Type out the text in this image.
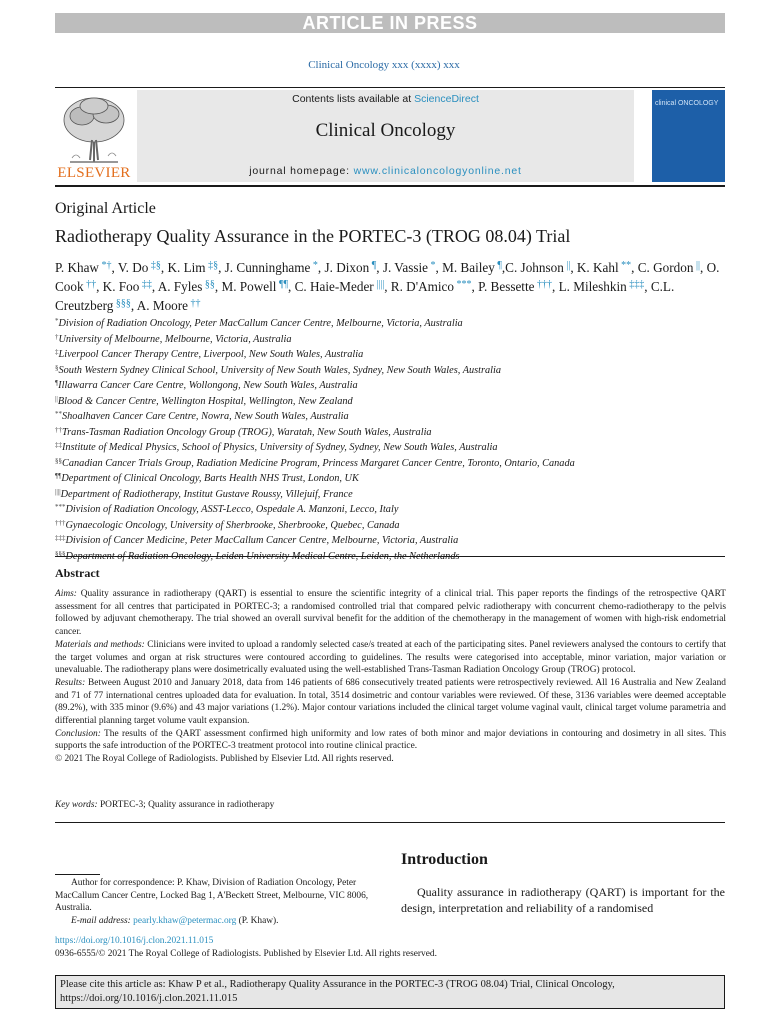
ARTICLE IN PRESS
Clinical Oncology xxx (xxxx) xxx
ELSEVIER
Contents lists available at ScienceDirect
Clinical Oncology
journal homepage: www.clinicaloncologyonline.net
clinical ONCOLOGY
Original Article
Radiotherapy Quality Assurance in the PORTEC-3 (TROG 08.04) Trial
P. Khaw *†, V. Do ‡§, K. Lim ‡§, J. Cunninghame *, J. Dixon ¶, J. Vassie *, M. Bailey ¶,C. Johnson ||, K. Kahl **, C. Gordon ||, O. Cook ††, K. Foo ‡‡, A. Fyles §§, M. Powell ¶¶, C. Haie-Meder ||||, R. D'Amico ***, P. Bessette †††, L. Mileshkin ‡‡‡, C.L. Creutzberg §§§, A. Moore ††
*Division of Radiation Oncology, Peter MacCallum Cancer Centre, Melbourne, Victoria, Australia
†University of Melbourne, Melbourne, Victoria, Australia
‡Liverpool Cancer Therapy Centre, Liverpool, New South Wales, Australia
§South Western Sydney Clinical School, University of New South Wales, Sydney, New South Wales, Australia
¶Illawarra Cancer Care Centre, Wollongong, New South Wales, Australia
||Blood & Cancer Centre, Wellington Hospital, Wellington, New Zealand
**Shoalhaven Cancer Care Centre, Nowra, New South Wales, Australia
††Trans-Tasman Radiation Oncology Group (TROG), Waratah, New South Wales, Australia
‡‡Institute of Medical Physics, School of Physics, University of Sydney, Sydney, New South Wales, Australia
§§Canadian Cancer Trials Group, Radiation Medicine Program, Princess Margaret Cancer Centre, Toronto, Ontario, Canada
¶¶Department of Clinical Oncology, Barts Health NHS Trust, London, UK
||||Department of Radiotherapy, Institut Gustave Roussy, Villejuif, France
***Division of Radiation Oncology, ASST-Lecco, Ospedale A. Manzoni, Lecco, Italy
†††Gynaecologic Oncology, University of Sherbrooke, Sherbrooke, Quebec, Canada
‡‡‡Division of Cancer Medicine, Peter MacCallum Cancer Centre, Melbourne, Victoria, Australia
§§§Department of Radiation Oncology, Leiden University Medical Centre, Leiden, the Netherlands
Abstract
Aims: Quality assurance in radiotherapy (QART) is essential to ensure the scientific integrity of a clinical trial. This paper reports the findings of the retrospective QART assessment for all centres that participated in PORTEC-3; a randomised controlled trial that compared pelvic radiotherapy with concurrent chemo-radiotherapy to the pelvis followed by adjuvant chemotherapy. The trial showed an overall survival benefit for the addition of the chemotherapy in the management of women with high-risk endometrial cancer.
Materials and methods: Clinicians were invited to upload a randomly selected case/s treated at each of the participating sites. Panel reviewers analysed the contours to certify that the target volumes and organ at risk structures were contoured according to guidelines. The results were categorised into acceptable, minor variation, major variation or unevaluable. The radiotherapy plans were dosimetrically evaluated using the well-established Trans-Tasman Radiation Oncology Group (TROG) protocol.
Results: Between August 2010 and January 2018, data from 146 patients of 686 consecutively treated patients were retrospectively reviewed. All 16 Australia and New Zealand and 71 of 77 international centres uploaded data for evaluation. In total, 3514 dosimetric and contour variables were reviewed. Of these, 3136 variables were deemed acceptable (89.2%), with 335 minor (9.6%) and 43 major variations (1.2%). Major contour variations included the clinical target volume vaginal vault, clinical target volume parametria and differential planning target volume vault expansion.
Conclusion: The results of the QART assessment confirmed high uniformity and low rates of both minor and major deviations in contouring and dosimetry in all sites. This supports the safe introduction of the PORTEC-3 treatment protocol into routine clinical practice.
© 2021 The Royal College of Radiologists. Published by Elsevier Ltd. All rights reserved.
Key words: PORTEC-3; Quality assurance in radiotherapy
Introduction
Quality assurance in radiotherapy (QART) is important for the design, interpretation and reliability of a randomised
Author for correspondence: P. Khaw, Division of Radiation Oncology, Peter MacCallum Cancer Centre, Locked Bag 1, A'Beckett Street, Melbourne, VIC 8006, Australia.
E-mail address: pearly.khaw@petermac.org (P. Khaw).
https://doi.org/10.1016/j.clon.2021.11.015
0936-6555/© 2021 The Royal College of Radiologists. Published by Elsevier Ltd. All rights reserved.
Please cite this article as: Khaw P et al., Radiotherapy Quality Assurance in the PORTEC-3 (TROG 08.04) Trial, Clinical Oncology, https://doi.org/10.1016/j.clon.2021.11.015
